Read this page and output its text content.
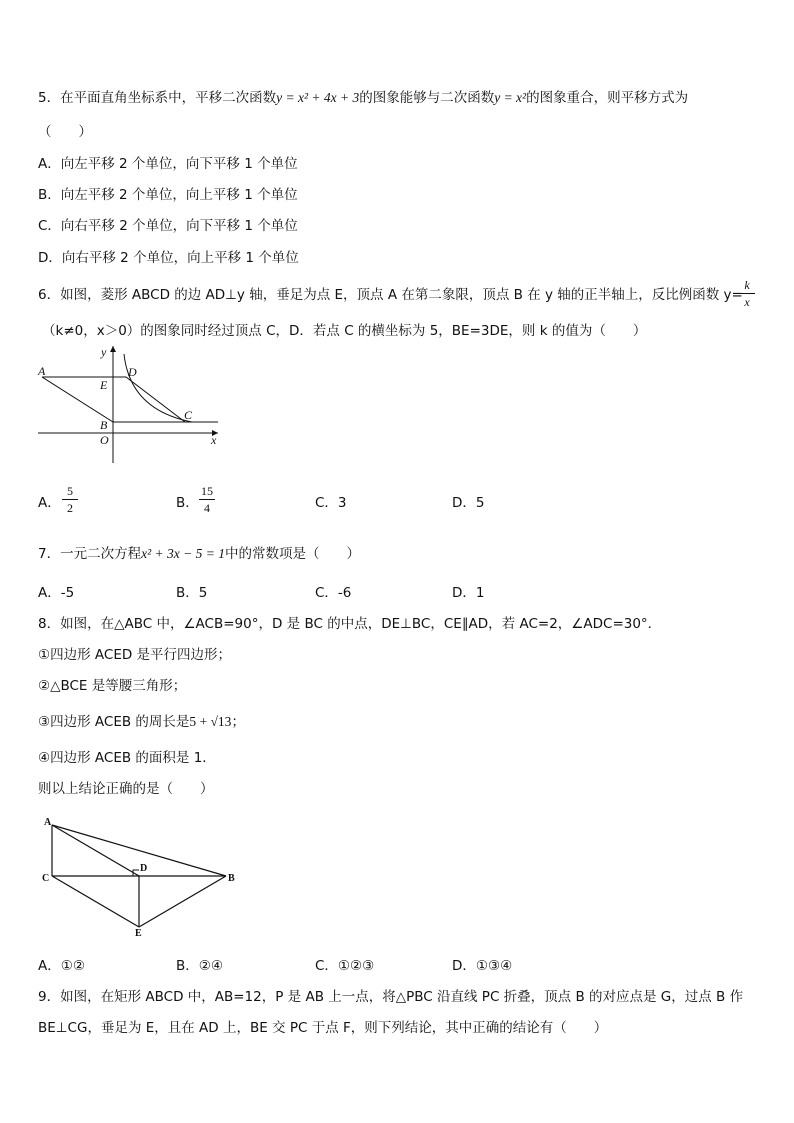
5．在平面直角坐标系中，平移二次函数y = x² + 4x + 3的图象能够与二次函数y = x²的图象重合，则平移方式为
（　　）
A．向左平移 2 个单位，向下平移 1 个单位
B．向左平移 2 个单位，向上平移 1 个单位
C．向右平移 2 个单位，向下平移 1 个单位
D．向右平移 2 个单位，向上平移 1 个单位
6．如图，菱形 ABCD 的边 AD⊥y 轴，垂足为点 E，顶点 A 在第二象限，顶点 B 在 y 轴的正半轴上，反比例函数 y=
k
x
（k≠0，x＞0）的图象同时经过顶点 C，D．若点 C 的横坐标为 5，BE=3DE，则 k 的值为（　　）
A
E
D
C
B
O	x
y
A．
5
2	B．
15
4	C．3	D．5
7．一元二次方程x² + 3x − 5 = 1中的常数项是（　　）
A．-5	B．5	C．-6	D．1
8．如图，在△ABC 中，∠ACB=90°，D 是 BC 的中点，DE⊥BC，CE∥AD，若 AC=2，∠ADC=30°．
①四边形 ACED 是平行四边形；
②△BCE 是等腰三角形；
③四边形 ACEB 的周长是5 + √13；
④四边形 ACEB 的面积是 1．
则以上结论正确的是（　　）
A
C
D
B
E
A．①②	B．②④	C．①②③	D．①③④
9．如图，在矩形 ABCD 中，AB=12，P 是 AB 上一点，将△PBC 沿直线 PC 折叠，顶点 B 的对应点是 G，过点 B 作
BE⊥CG，垂足为 E，且在 AD 上，BE 交 PC 于点 F，则下列结论，其中正确的结论有（　　）
